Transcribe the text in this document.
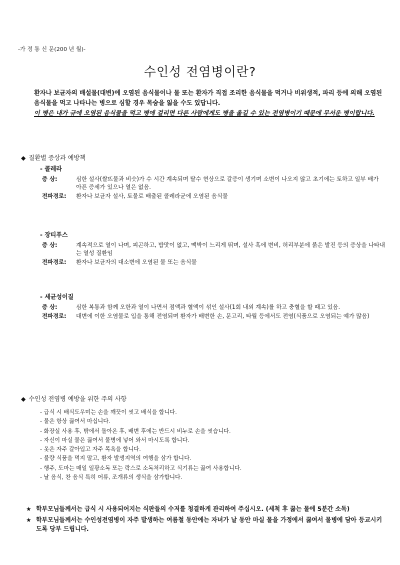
-가 정 통 신 문(200 년 월)-
수인성 전염병이란?

환자나 보균자의 배설물(대변)에 오염된 음식물이나 물 또는 환자가 직접 조리한 음식물을 먹거나 비위생적, 파리 등에 의해 오염된 음식물을 먹고 나타나는 병으로 심할 경우 목숨을 잃을 수도 있답니다.

이 병은 내가 규에 오염된 음식물을 먹고 병에 걸리면 다른 사람에게도 병을 옮길 수 있는 전염병이기 때문에 무서운 병이랍니다.

◆ 질환별 증상과 예방책
- 콜레라
증 상:	심한 설사(쌀뜨물과 비슷)가 수 시간 계속되며 탈수 현상으로 갈증이 생기며 소변이 나오지 않고 초기에는 토하고 일부 배가 아픈 증세가 있으나 열은 없음.
전파경로:	환자나 보균자 설사, 토물로 배출된 콜레라균에 오염된 음식물
- 장티푸스
증 상:	계속적으로 열이 나며, 피곤하고, 밥맛이 없고, 맥박이 느리게 뛰며, 설사 혹에 변비, 허리부분에 붉은 발진 등의 증상을 나타내는 열성 질환임
전파경로:	환자나 보균자의 대소변에 오염된 물 또는 음식물
- 세균성이질
증 상:	심한 복통과 함께 오한과 열이 나면서 점액과 혈액이 섞인 설사(1회 내외 계속)를 하고 충혈을 할 때고 있음.
전파경로:	대변에 이한 오염물로 입을 통해 전염되며 환자가 배변한 손, 문고리, 타월 등에서도 전염(식품으로 오염되는 예가 많음)
◆ 수인성 전염병 예방을 위한 주의 사항
- 급식 시 배식도우미는 손을 깨끗이 씻고 배식을 합니다.
- 물은 항상 끓여서 마십니다.
- 화장실 사용 후, 밖에서 돌아온 후, 배변 후에는 반드시 비누로 손을 씻습니다.
- 자신이 마실 물은 끓여서 물병에 넣어 와서 마시도록 합니다.
- 옷은 자주 갈아입고 자주 목욕을 합니다.
- 불량 식품을 먹지 말고, 환자 발생지역의 여행을 삼가 합니다.
- 행주, 도마는 매일 일광소독 또는 락스로 소독처리하고 식기류는 끓여 사용합니다.
- 날 음식, 찬 음식 특히 어류, 조개류의 생식을 삼가합니다.
★ 학부모님들께서는 급식 시 사용되어지는 식판들의 수저를 청결하게 관리하여 주십시오. (세척 후 끓는 물에 5분간 소독)
★ 학부모님들께서는 수인성전염병이 자주 발생하는 여름철 동안에는 자녀가 날 동안 마실 물을 가정에서 끓여서 물병에 담아 등교시키도록 당부 드립니다.
